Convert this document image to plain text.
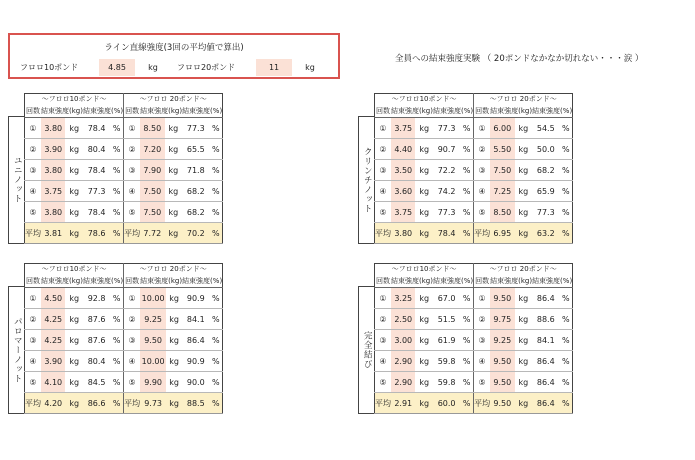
ライン直線強度(3回の平均値で算出)
フロロ10ポンド	4.85	kg	フロロ20ポンド	11	kg
全員への結束強度実験 （ 20ポンドなかなか切れない・・・涙 ）
ユニノット
〜フロロ10ポンド〜					〜フロロ 20ポンド〜				
回数	結束強度(kg)		結束強度(%)		回数	結束強度(kg)		結束強度(%)	
①	3.80	kg	78.4	%	①	8.50	kg	77.3	%
②	3.90	kg	80.4	%	②	7.20	kg	65.5	%
③	3.80	kg	78.4	%	③	7.90	kg	71.8	%
④	3.75	kg	77.3	%	④	7.50	kg	68.2	%
⑤	3.80	kg	78.4	%	⑤	7.50	kg	68.2	%
平均	3.81	kg	78.6	%	平均	7.72	kg	70.2	%
クリンチノット
〜フロロ10ポンド〜					〜フロロ 20ポンド〜				
回数	結束強度(kg)		結束強度(%)		回数	結束強度(kg)		結束強度(%)	
①	3.75	kg	77.3	%	①	6.00	kg	54.5	%
②	4.40	kg	90.7	%	②	5.50	kg	50.0	%
③	3.50	kg	72.2	%	③	7.50	kg	68.2	%
④	3.60	kg	74.2	%	④	7.25	kg	65.9	%
⑤	3.75	kg	77.3	%	⑤	8.50	kg	77.3	%
平均	3.80	kg	78.4	%	平均	6.95	kg	63.2	%
パロマーノット
〜フロロ10ポンド〜					〜フロロ 20ポンド〜				
回数	結束強度(kg)		結束強度(%)		回数	結束強度(kg)		結束強度(%)	
①	4.50	kg	92.8	%	①	10.00	kg	90.9	%
②	4.25	kg	87.6	%	②	9.25	kg	84.1	%
③	4.25	kg	87.6	%	③	9.50	kg	86.4	%
④	3.90	kg	80.4	%	④	10.00	kg	90.9	%
⑤	4.10	kg	84.5	%	⑤	9.90	kg	90.0	%
平均	4.20	kg	86.6	%	平均	9.73	kg	88.5	%
完全結び
〜フロロ10ポンド〜					〜フロロ 20ポンド〜				
回数	結束強度(kg)		結束強度(%)		回数	結束強度(kg)		結束強度(%)	
①	3.25	kg	67.0	%	①	9.50	kg	86.4	%
②	2.50	kg	51.5	%	②	9.75	kg	88.6	%
③	3.00	kg	61.9	%	③	9.25	kg	84.1	%
④	2.90	kg	59.8	%	④	9.50	kg	86.4	%
⑤	2.90	kg	59.8	%	⑤	9.50	kg	86.4	%
平均	2.91	kg	60.0	%	平均	9.50	kg	86.4	%
